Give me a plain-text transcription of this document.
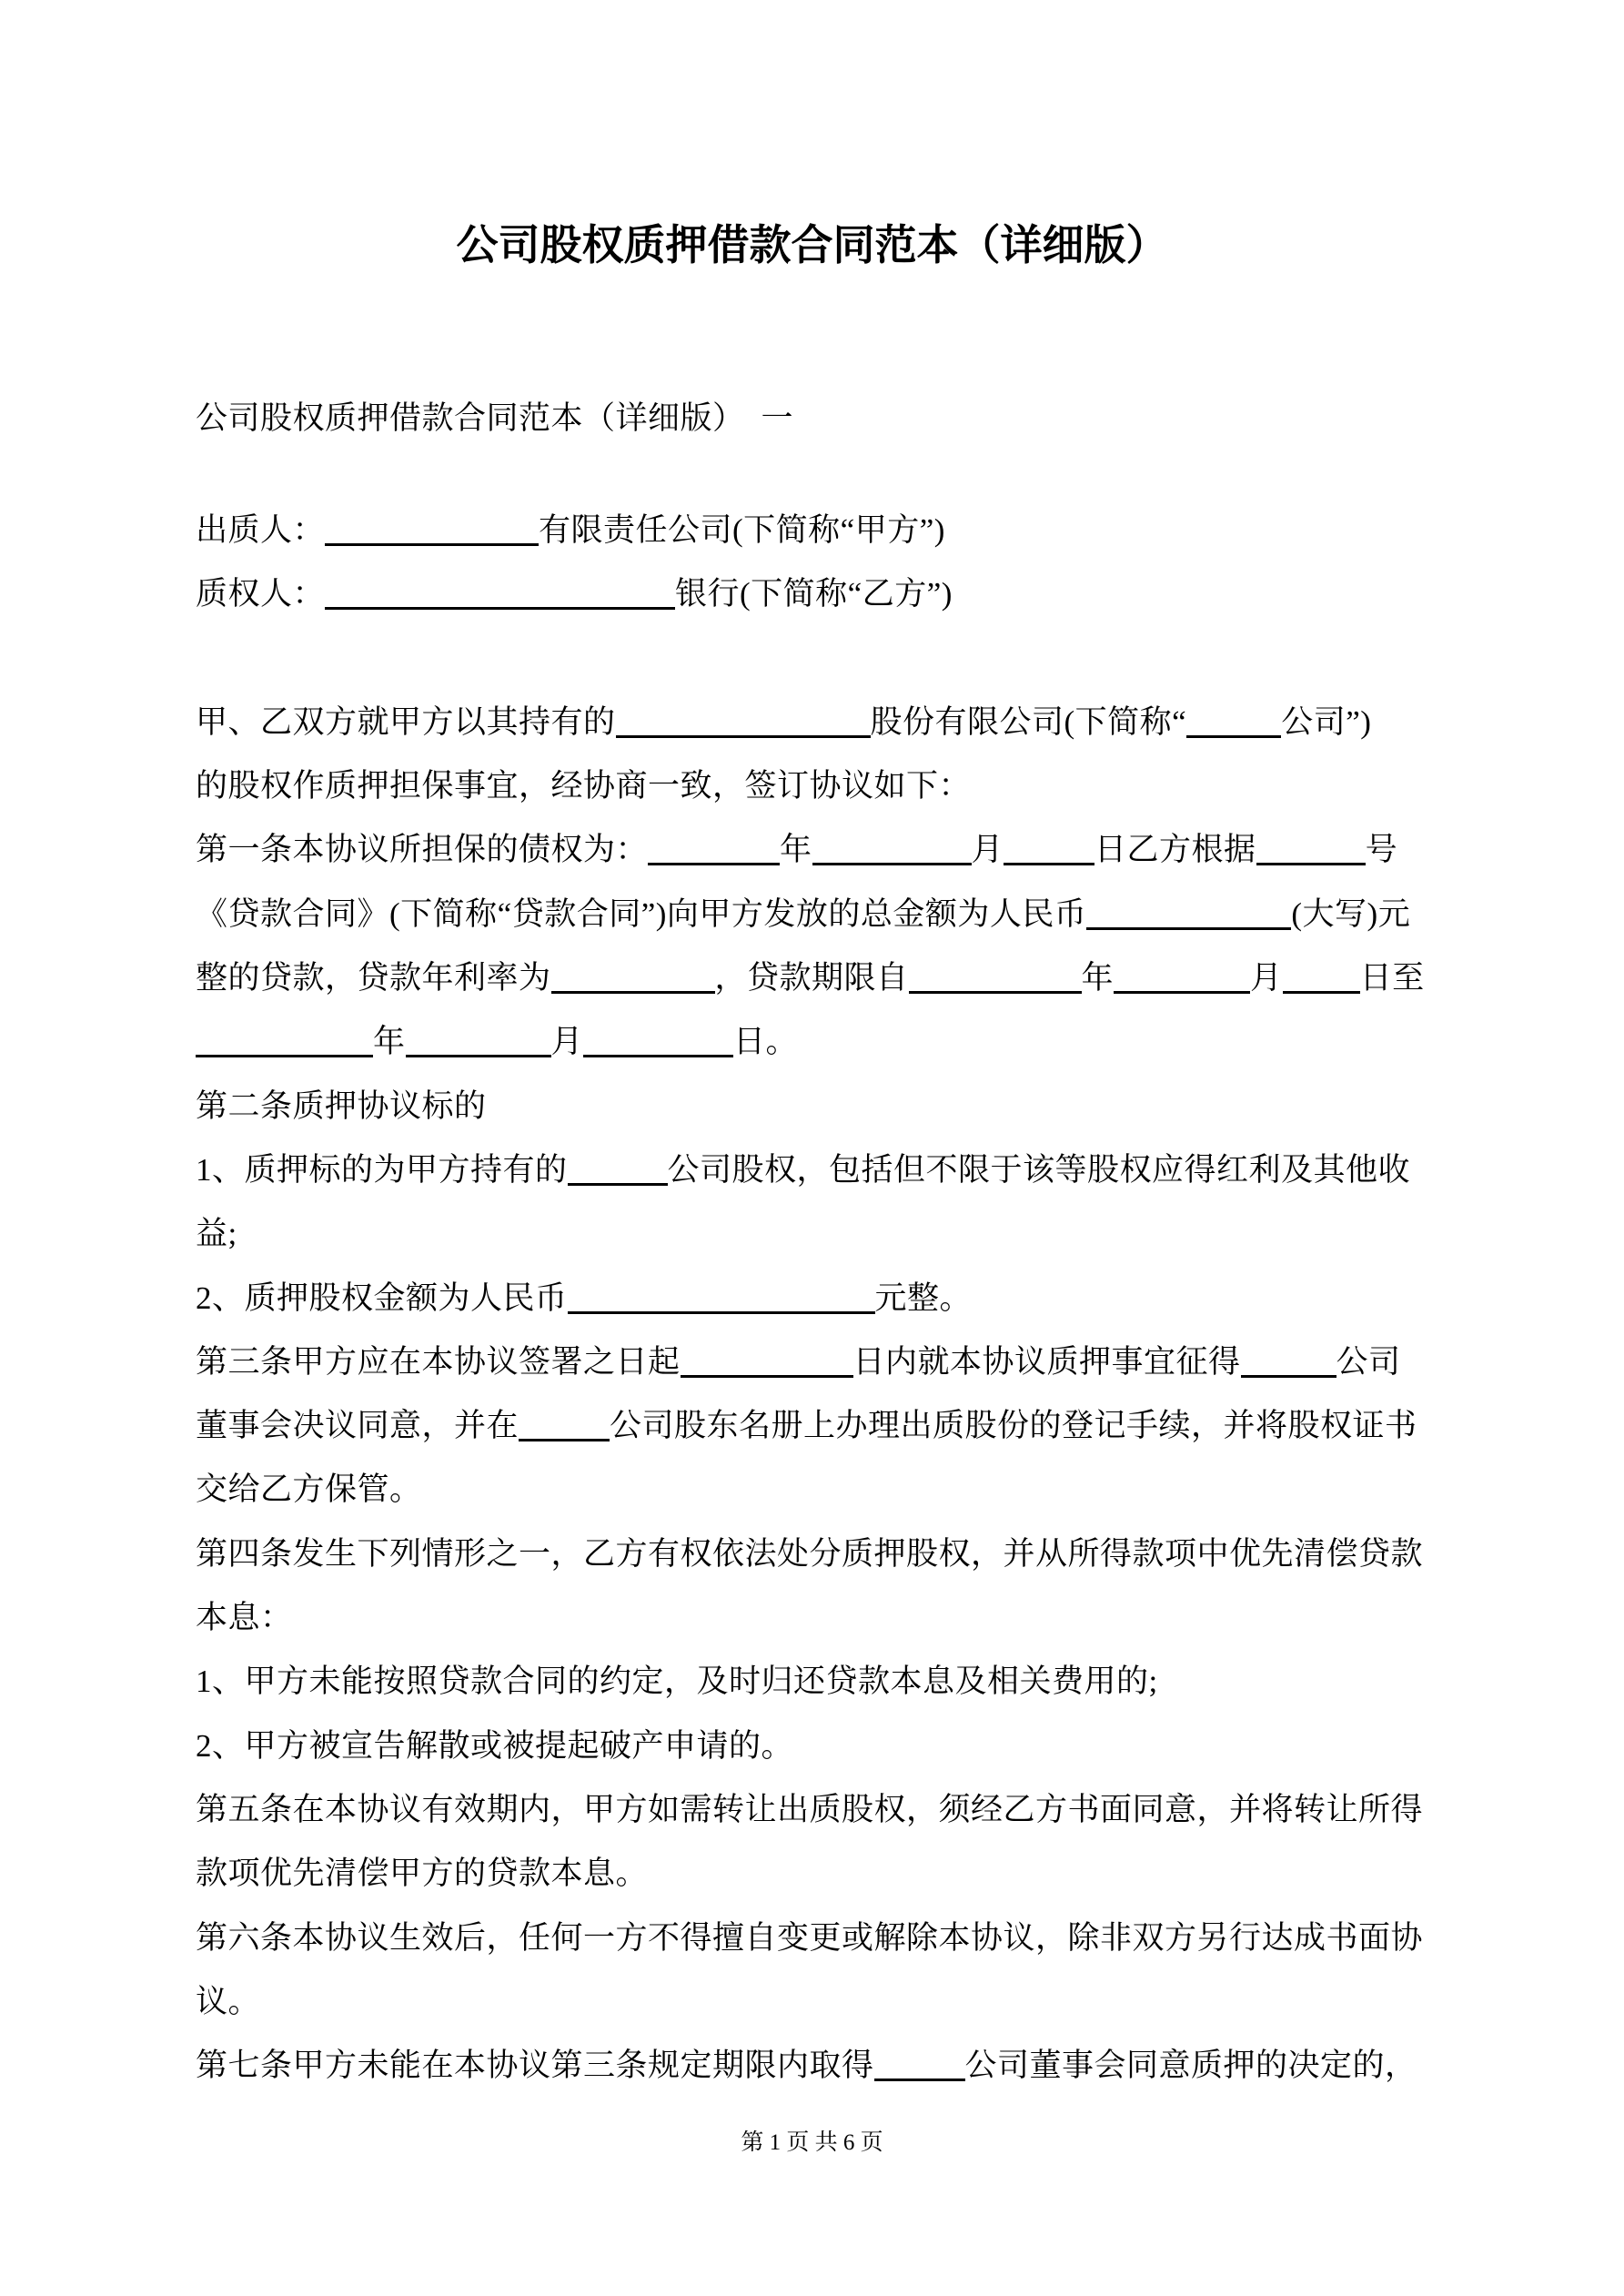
公司股权质押借款合同范本（详细版）
公司股权质押借款合同范本（详细版）　一
出质人：	有限责任公司(下简称“甲方”)
质权人：	银行(下简称“乙方”)

甲、乙双方就甲方以其持有的	股份有限公司(下简称“	公司”)
的股权作质押担保事宜，经协商一致，签订协议如下：
第一条本协议所担保的债权为：	年	月	日乙方根据	号
《贷款合同》(下简称“贷款合同”)向甲方发放的总金额为人民币	(大写)元
整的贷款，贷款年利率为	，贷款期限自	年	月 日至
年	月	日。
第二条质押协议标的
1、质押标的为甲方持有的	公司股权，包括但不限于该等股权应得红利及其他收
益;
2、质押股权金额为人民币	元整。
第三条甲方应在本协议签署之日起	日内就本协议质押事宜征得	公司
董事会决议同意，并在	公司股东名册上办理出质股份的登记手续，并将股权证书
交给乙方保管。
第四条发生下列情形之一，乙方有权依法处分质押股权，并从所得款项中优先清偿贷款
本息：
1、甲方未能按照贷款合同的约定，及时归还贷款本息及相关费用的;
2、甲方被宣告解散或被提起破产申请的。
第五条在本协议有效期内，甲方如需转让出质股权，须经乙方书面同意，并将转让所得
款项优先清偿甲方的贷款本息。
第六条本协议生效后，任何一方不得擅自变更或解除本协议，除非双方另行达成书面协
议。
第七条甲方未能在本协议第三条规定期限内取得	公司董事会同意质押的决定的，
第 1 页 共 6 页
